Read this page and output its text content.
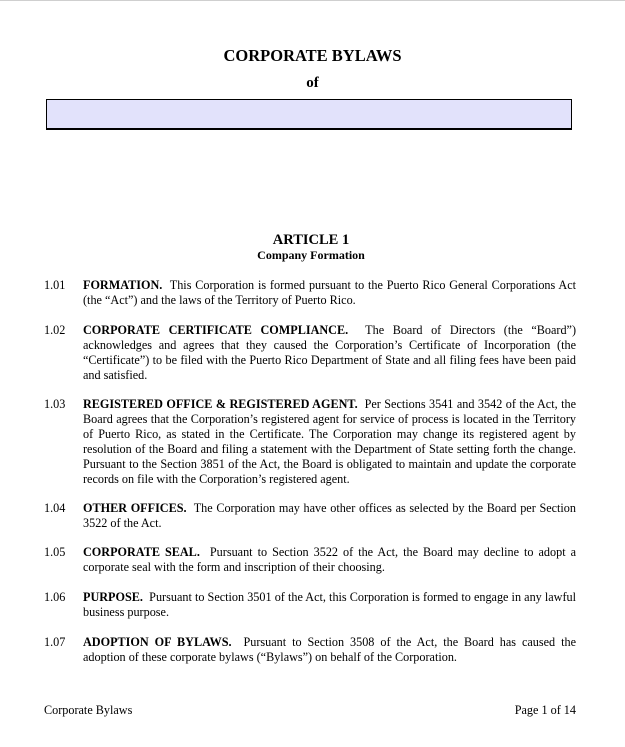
CORPORATE BYLAWS
of
ARTICLE 1
Company Formation
1.01	FORMATION. This Corporation is formed pursuant to the Puerto Rico General Corporations Act (the “Act”) and the laws of the Territory of Puerto Rico.
1.02	CORPORATE CERTIFICATE COMPLIANCE. The Board of Directors (the “Board”) acknowledges and agrees that they caused the Corporation’s Certificate of Incorporation (the “Certificate”) to be filed with the Puerto Rico Department of State and all filing fees have been paid and satisfied.
1.03	REGISTERED OFFICE & REGISTERED AGENT. Per Sections 3541 and 3542 of the Act, the Board agrees that the Corporation’s registered agent for service of process is located in the Territory of Puerto Rico, as stated in the Certificate. The Corporation may change its registered agent by resolution of the Board and filing a statement with the Department of State setting forth the change. Pursuant to the Section 3851 of the Act, the Board is obligated to maintain and update the corporate records on file with the Corporation’s registered agent.
1.04	OTHER OFFICES. The Corporation may have other offices as selected by the Board per Section 3522 of the Act.
1.05	CORPORATE SEAL. Pursuant to Section 3522 of the Act, the Board may decline to adopt a corporate seal with the form and inscription of their choosing.
1.06	PURPOSE. Pursuant to Section 3501 of the Act, this Corporation is formed to engage in any lawful business purpose.
1.07	ADOPTION OF BYLAWS. Pursuant to Section 3508 of the Act, the Board has caused the adoption of these corporate bylaws (“Bylaws”) on behalf of the Corporation.
Corporate Bylaws	Page 1 of 14
